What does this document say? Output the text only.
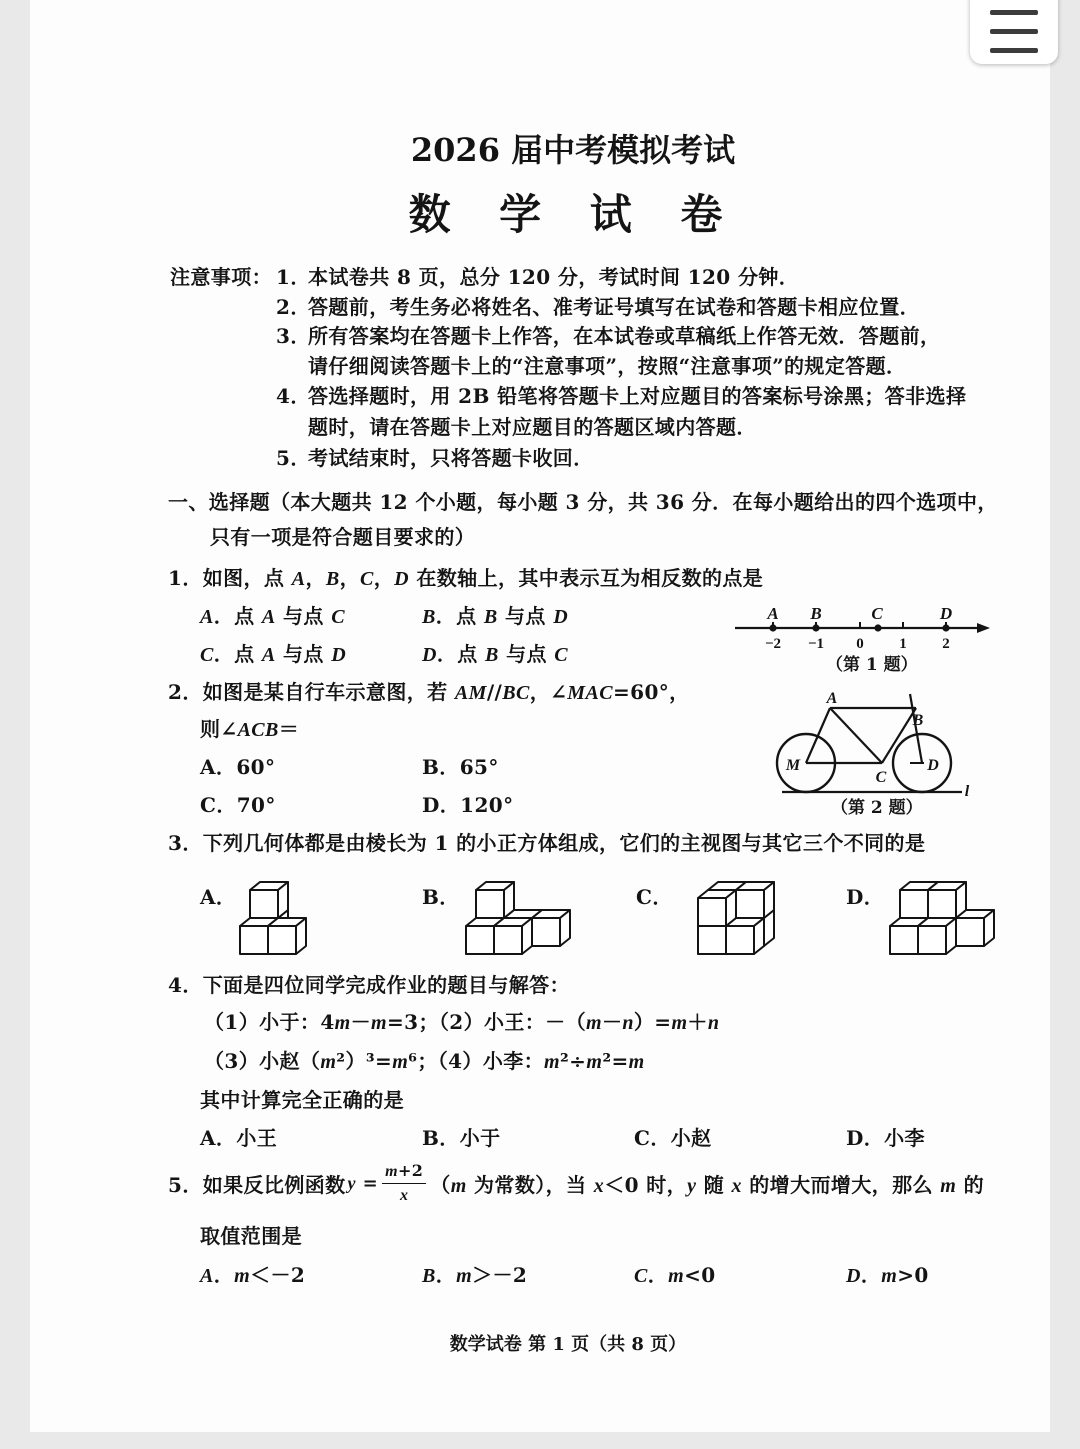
2026 届中考模拟考试
数 学 试 卷
注意事项： 1．
本试卷共 8 页，总分 120 分，考试时间 120 分钟．
2．
答题前，考生务必将姓名、准考证号填写在试卷和答题卡相应位置．
3．
所有答案均在答题卡上作答，在本试卷或草稿纸上作答无效．答题前，
请仔细阅读答题卡上的“注意事项”，按照“注意事项”的规定答题．
4．
答选择题时，用 2B 铅笔将答题卡上对应题目的答案标号涂黑；答非选择
题时，请在答题卡上对应题目的答题区域内答题．
5．
考试结束时，只将答题卡收回．
一、选择题（本大题共 12 个小题，每小题 3 分，共 36 分．在每小题给出的四个选项中，
只有一项是符合题目要求的）
1．如图，点 A，B，C，D 在数轴上，其中表示互为相反数的点是
A．点 A 与点 C	B．点 B 与点 D
C．点 A 与点 D	D．点 B 与点 C
A B	C	D
−2 −1 0 1 2
（第 1 题）
2．如图是某自行车示意图，若 AM//BC，∠MAC=60°，
则∠ACB＝
A．60°	B．65°
C．70°	D．120°
A
B
M
C
D
l
（第 2 题）
3．下列几何体都是由棱长为 1 的小正方体组成，它们的主视图与其它三个不同的是
A．	B．	C．	D．
4．下面是四位同学完成作业的题目与解答：
（1）小于：4m－m=3；（2）小王：－（m－n）=m＋n
（3）小赵（m²）³=m⁶；（4）小李：m²÷m²=m
其中计算完全正确的是
A．小王	B．小于	C．小赵	D．小李
5．如果反比例函数 $y = \frac{m+2}{x} (m$ 为常数），当 x＜0 时，y 随 x 的增大而增大，那么 m 的
取值范围是
A．m＜－2	B．m＞－2	C．m<0	D．m>0
数学试卷 第 1 页（共 8 页）
